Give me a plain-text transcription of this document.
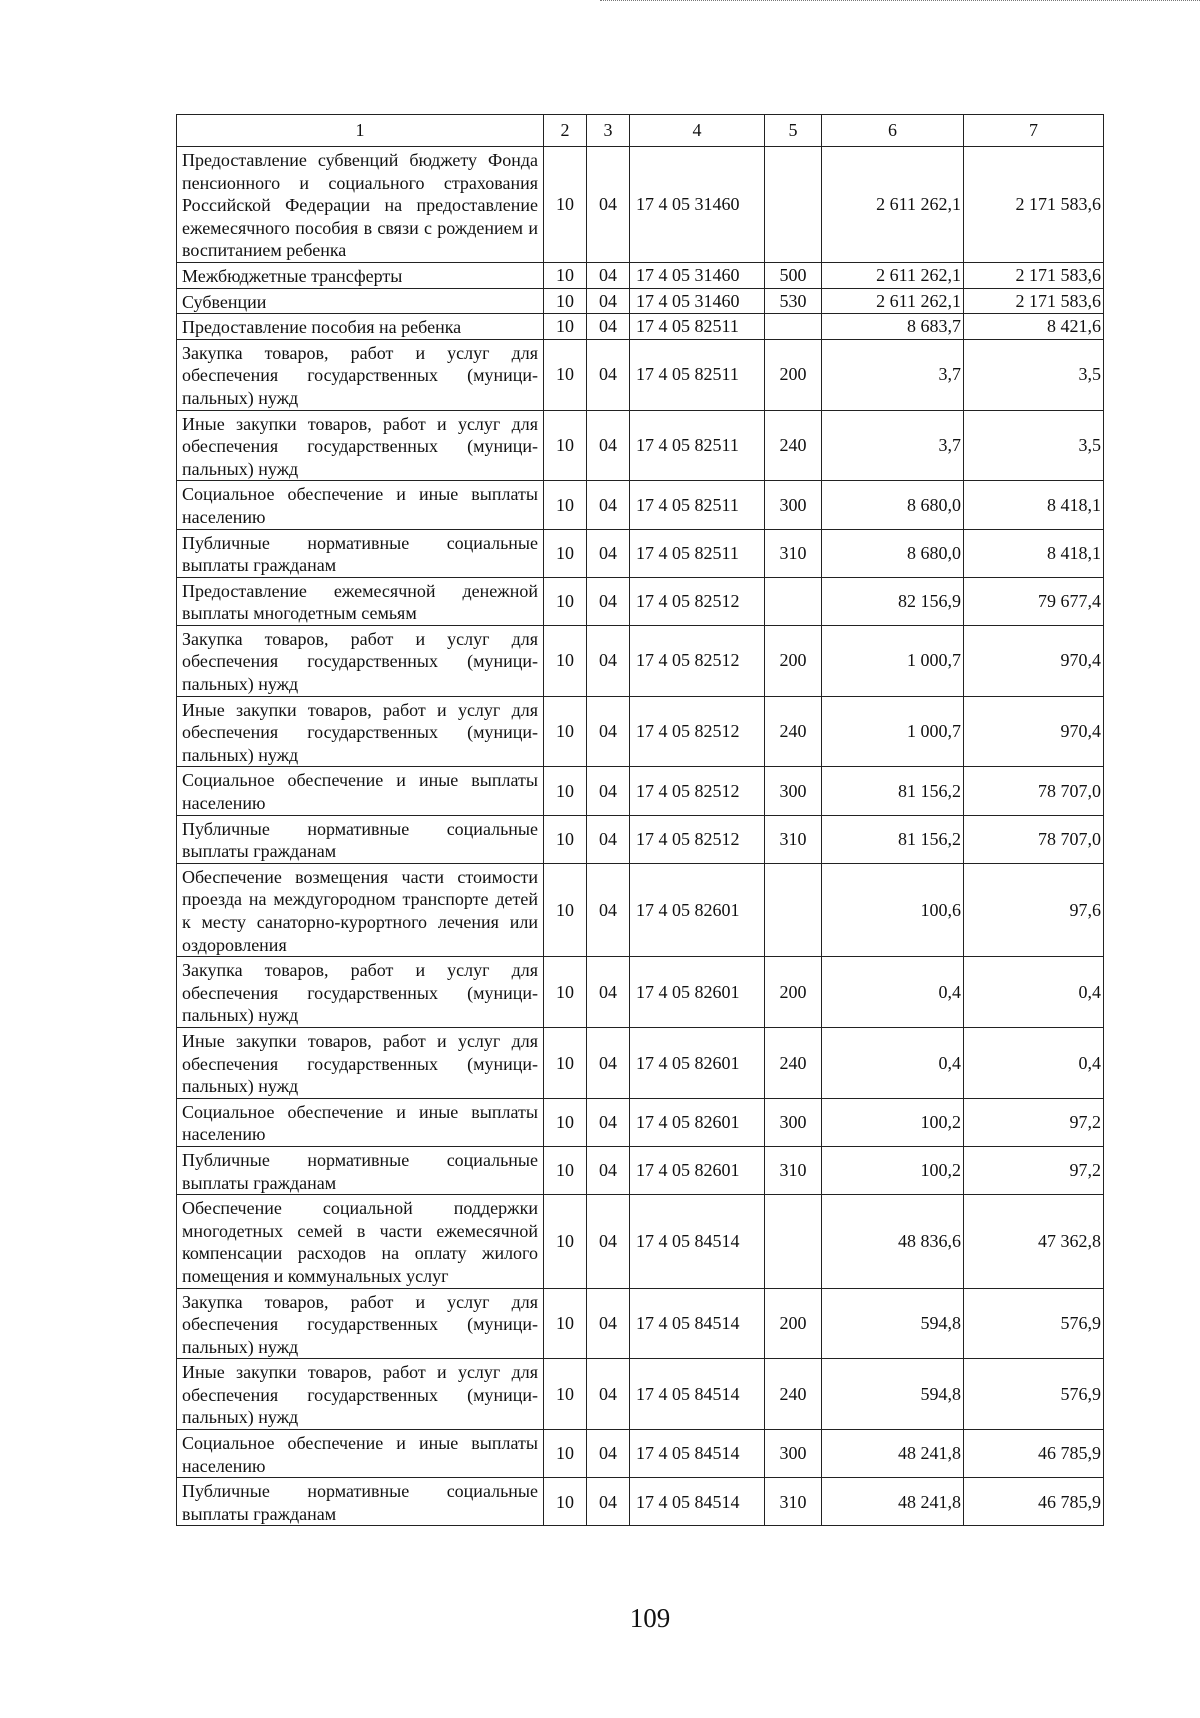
1	2	3	4	5	6	7
Предоставление субвенций бюджету Фонда пенсионного и социального страхования Российской Федерации на предоставление ежемесячного пособия в связи с рождением и воспитанием ребенка	10	04	17 4 05 31460		2 611 262,1	2 171 583,6
Межбюджетные трансферты	10	04	17 4 05 31460	500	2 611 262,1	2 171 583,6
Субвенции	10	04	17 4 05 31460	530	2 611 262,1	2 171 583,6
Предоставление пособия на ребенка	10	04	17 4 05 82511		8 683,7	8 421,6
Закупка товаров, работ и услуг для обеспечения государственных (муниципальных) нужд	10	04	17 4 05 82511	200	3,7	3,5
Иные закупки товаров, работ и услуг для обеспечения государственных (муниципальных) нужд	10	04	17 4 05 82511	240	3,7	3,5
Социальное обеспечение и иные выплаты населению	10	04	17 4 05 82511	300	8 680,0	8 418,1
Публичные нормативные социальные выплаты гражданам	10	04	17 4 05 82511	310	8 680,0	8 418,1
Предоставление ежемесячной денежной выплаты многодетным семьям	10	04	17 4 05 82512		82 156,9	79 677,4
Закупка товаров, работ и услуг для обеспечения государственных (муниципальных) нужд	10	04	17 4 05 82512	200	1 000,7	970,4
Иные закупки товаров, работ и услуг для обеспечения государственных (муниципальных) нужд	10	04	17 4 05 82512	240	1 000,7	970,4
Социальное обеспечение и иные выплаты населению	10	04	17 4 05 82512	300	81 156,2	78 707,0
Публичные нормативные социальные выплаты гражданам	10	04	17 4 05 82512	310	81 156,2	78 707,0
Обеспечение возмещения части стоимости проезда на междугородном транспорте детей к месту санаторно-курортного лечения или оздоровления	10	04	17 4 05 82601		100,6	97,6
Закупка товаров, работ и услуг для обеспечения государственных (муниципальных) нужд	10	04	17 4 05 82601	200	0,4	0,4
Иные закупки товаров, работ и услуг для обеспечения государственных (муниципальных) нужд	10	04	17 4 05 82601	240	0,4	0,4
Социальное обеспечение и иные выплаты населению	10	04	17 4 05 82601	300	100,2	97,2
Публичные нормативные социальные выплаты гражданам	10	04	17 4 05 82601	310	100,2	97,2
Обеспечение социальной поддержки многодетных семей в части ежемесячной компенсации расходов на оплату жилого помещения и коммунальных услуг	10	04	17 4 05 84514		48 836,6	47 362,8
Закупка товаров, работ и услуг для обеспечения государственных (муниципальных) нужд	10	04	17 4 05 84514	200	594,8	576,9
Иные закупки товаров, работ и услуг для обеспечения государственных (муниципальных) нужд	10	04	17 4 05 84514	240	594,8	576,9
Социальное обеспечение и иные выплаты населению	10	04	17 4 05 84514	300	48 241,8	46 785,9
Публичные нормативные социальные выплаты гражданам	10	04	17 4 05 84514	310	48 241,8	46 785,9
109
